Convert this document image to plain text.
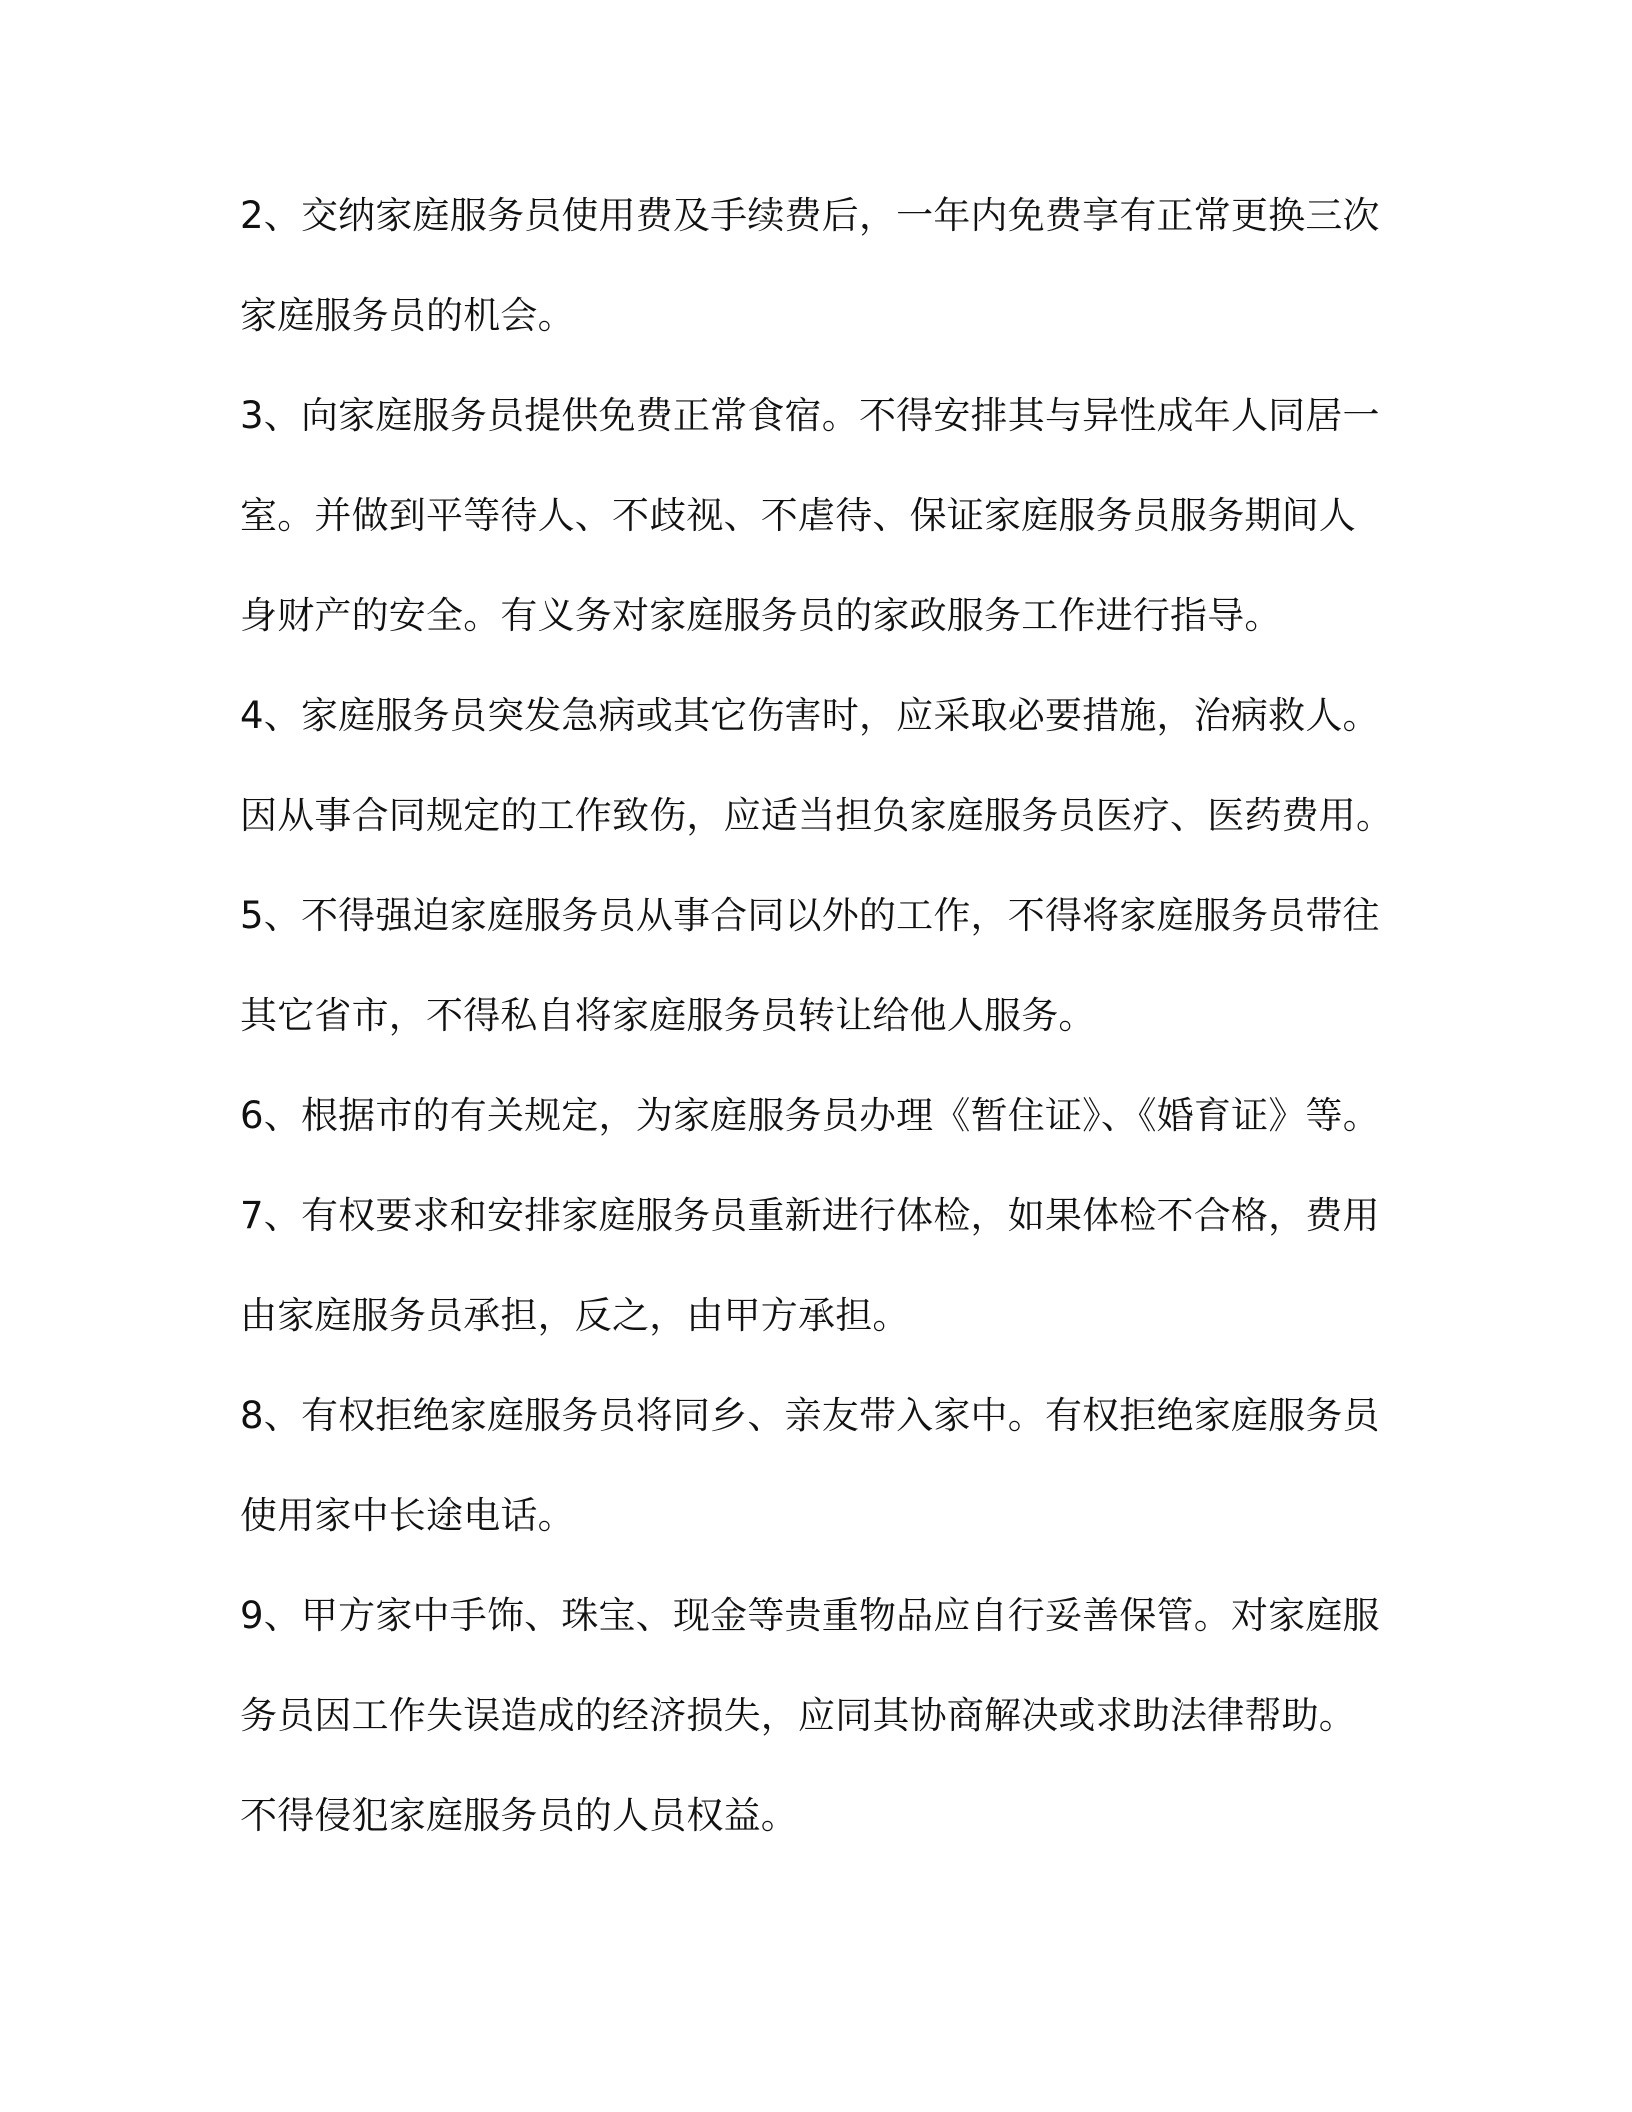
2、交纳家庭服务员使用费及手续费后，一年内免费享有正常更换三次
家庭服务员的机会。
3、向家庭服务员提供免费正常食宿。不得安排其与异性成年人同居一
室。并做到平等待人、不歧视、不虐待、保证家庭服务员服务期间人
身财产的安全。有义务对家庭服务员的家政服务工作进行指导。
4、家庭服务员突发急病或其它伤害时，应采取必要措施，治病救人。
因从事合同规定的工作致伤，应适当担负家庭服务员医疗、医药费用。
5、不得强迫家庭服务员从事合同以外的工作，不得将家庭服务员带往
其它省市，不得私自将家庭服务员转让给他人服务。
6、根据市的有关规定，为家庭服务员办理《暂住证》、《婚育证》等。
7、有权要求和安排家庭服务员重新进行体检，如果体检不合格，费用
由家庭服务员承担，反之，由甲方承担。
8、有权拒绝家庭服务员将同乡、亲友带入家中。有权拒绝家庭服务员
使用家中长途电话。
9、甲方家中手饰、珠宝、现金等贵重物品应自行妥善保管。对家庭服
务员因工作失误造成的经济损失，应同其协商解决或求助法律帮助。
不得侵犯家庭服务员的人员权益。
